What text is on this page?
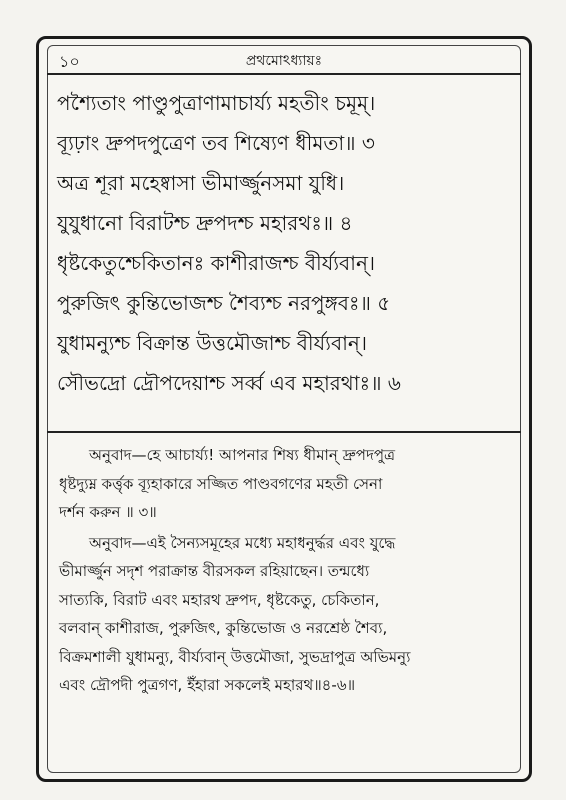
১০	প্রথমোঽধ্যায়ঃ
পশ্যৈতাং পাণ্ডুপুত্রাণামাচার্য্য মহতীং চমূম্।
ব্যূঢ়াং দ্রুপদপুত্রেণ তব শিষ্যেণ ধীমতা॥ ৩
অত্র শূরা মহেষ্বাসা ভীমার্জ্জুনসমা যুধি।
যুযুধানো বিরাটশ্চ দ্রুপদশ্চ মহারথঃ॥ ৪
ধৃষ্টকেতুশ্চেকিতানঃ কাশীরাজশ্চ বীর্য্যবান্।
পুরুজিৎ কুন্তিভোজশ্চ শৈব্যশ্চ নরপুঙ্গবঃ॥ ৫
যুধামন্যুশ্চ বিক্রান্ত উত্তমৌজাশ্চ বীর্য্যবান্।
সৌভদ্রো দ্রৌপদেয়াশ্চ সর্ব্ব এব মহারথাঃ॥ ৬
অনুবাদ—হে আচার্য্য! আপনার শিষ্য ধীমান্ দ্রুপদপুত্র
ধৃষ্টদ্যুম্ন কর্ত্তৃক ব্যূহাকারে সজ্জিত পাণ্ডবগণের মহতী সেনা
দর্শন করুন ॥ ৩॥
অনুবাদ—এই সৈন্যসমূহের মধ্যে মহাধনুর্দ্ধর এবং যুদ্ধে
ভীমার্জ্জুন সদৃশ পরাক্রান্ত বীরসকল রহিয়াছেন। তন্মধ্যে
সাত্যকি, বিরাট এবং মহারথ দ্রুপদ, ধৃষ্টকেতু, চেকিতান,
বলবান্ কাশীরাজ, পুরুজিৎ, কুন্তিভোজ ও নরশ্রেষ্ঠ শৈব্য,
বিক্রমশালী যুধামন্যু, বীর্য্যবান্ উত্তমৌজা, সুভদ্রাপুত্র অভিমন্যু
এবং দ্রৌপদী পুত্রগণ, ইঁহারা সকলেই মহারথ॥৪-৬॥
